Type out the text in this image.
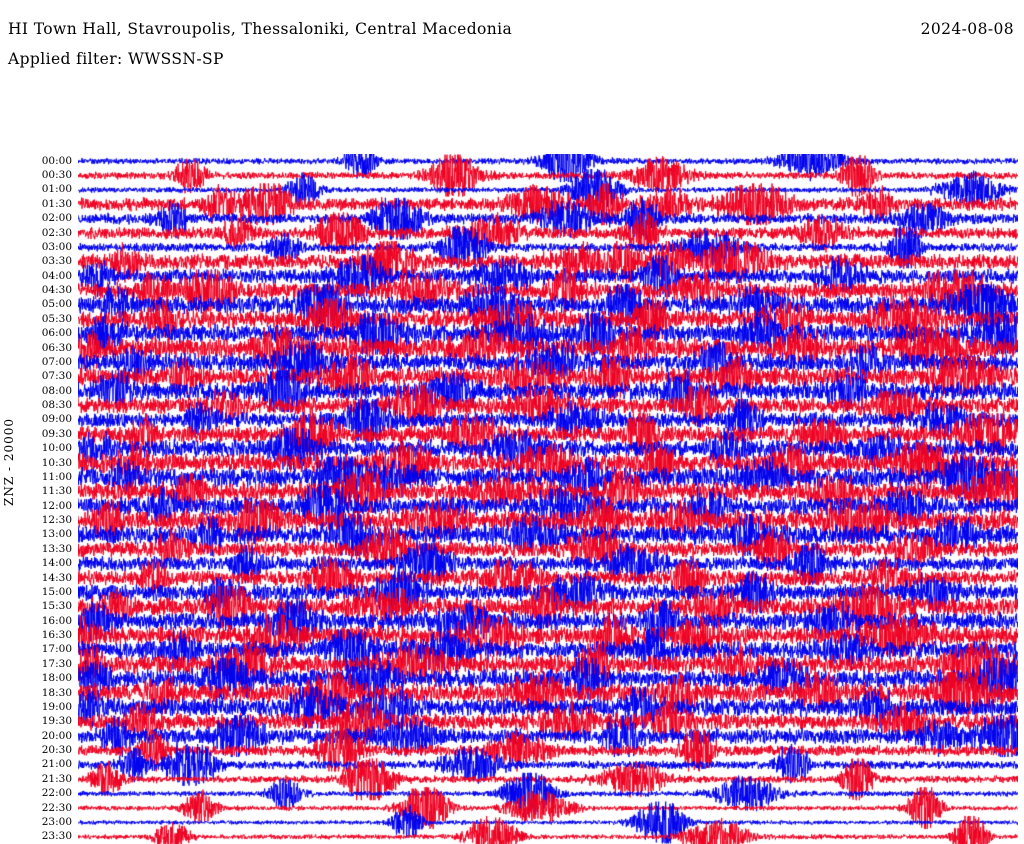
HI Town Hall, Stavroupolis, Thessaloniki, Central Macedonia	2024-08-08
Applied filter: WWSSN-SP
ZNZ - 20000
00:00
00:30
01:00
01:30
02:00
02:30
03:00
03:30
04:00
04:30
05:00
05:30
06:00
06:30
07:00
07:30
08:00
08:30
09:00
09:30
10:00
10:30
11:00
11:30
12:00
12:30
13:00
13:30
14:00
14:30
15:00
15:30
16:00
16:30
17:00
17:30
18:00
18:30
19:00
19:30
20:00
20:30
21:00
21:30
22:00
22:30
23:00
23:30
